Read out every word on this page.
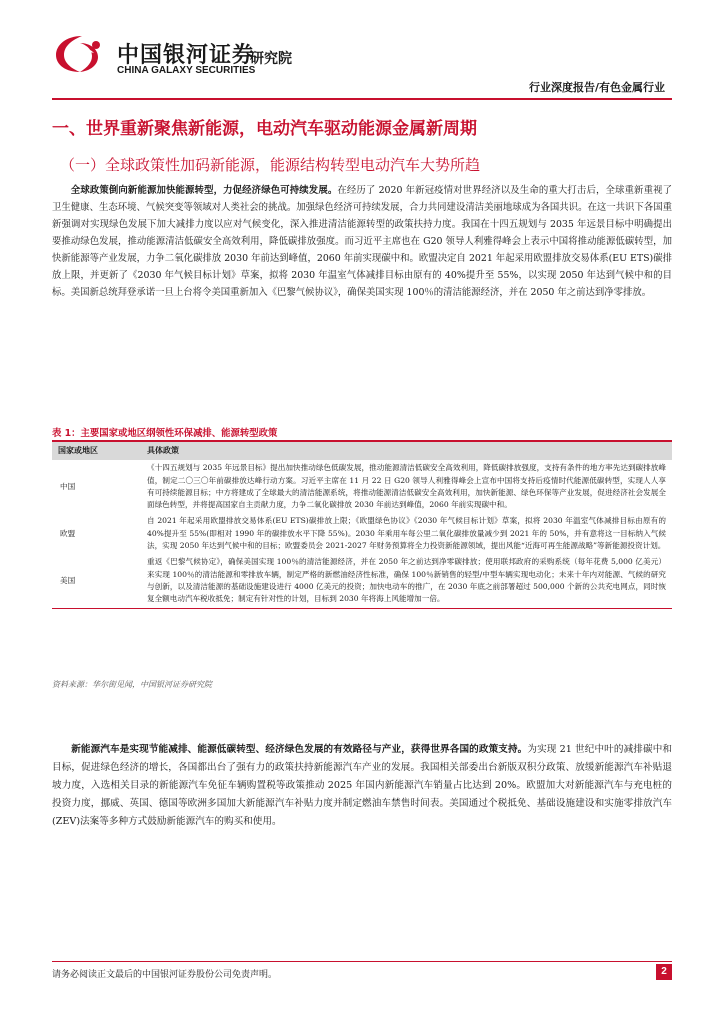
中国银河证券
CHINA GALAXY SECURITIES
研究院
行业深度报告/有色金属行业
一、世界重新聚焦新能源，电动汽车驱动能源金属新周期
（一）全球政策性加码新能源，能源结构转型电动汽车大势所趋

全球政策倒向新能源加快能源转型，力促经济绿色可持续发展。在经历了 2020 年新冠疫情对世界经济以及生命的重大打击后，全球重新重视了卫生健康、生态环境、气候突变等领域对人类社会的挑战。加强绿色经济可持续发展，合力共同建设清洁美丽地球成为各国共识。在这一共识下各国重新强调对实现绿色发展下加大减排力度以应对气候变化，深入推进清洁能源转型的政策扶持力度。我国在十四五规划与 2035 年远景目标中明确提出要推动绿色发展，推动能源清洁低碳安全高效利用，降低碳排放强度。而习近平主席也在 G20 领导人利雅得峰会上表示中国将推动能源低碳转型，加快新能源等产业发展，力争二氧化碳排放 2030 年前达到峰值，2060 年前实现碳中和。欧盟决定自 2021 年起采用欧盟排放交易体系(EU ETS)碳排放上限，并更新了《2030 年气候目标计划》草案，拟将 2030 年温室气体减排目标由原有的 40%提升至 55%，以实现 2050 年达到气候中和的目标。美国新总统拜登承诺一旦上台将令美国重新加入《巴黎气候协议》，确保美国实现 100％的清洁能源经济，并在 2050 年之前达到净零排放。

表 1：主要国家或地区纲领性环保减排、能源转型政策
国家或地区	具体政策
中国	《十四五规划与 2035 年远景目标》提出加快推动绿色低碳发展，推动能源清洁低碳安全高效利用，降低碳排放强度，支持有条件的地方率先达到碳排放峰值，制定二〇三〇年前碳排放达峰行动方案。习近平主席在 11 月 22 日 G20 领导人利雅得峰会上宣布中国将支持后疫情时代能源低碳转型，实现人人享有可持续能源目标；中方将建成了全球最大的清洁能源系统，将推动能源清洁低碳安全高效利用，加快新能源、绿色环保等产业发展，促进经济社会发展全面绿色转型，并将提高国家自主贡献力度，力争二氧化碳排放 2030 年前达到峰值，2060 年前实现碳中和。
欧盟	自 2021 年起采用欧盟排放交易体系(EU ETS)碳排放上限；《欧盟绿色协议》《2030 年气候目标计划》草案，拟将 2030 年温室气体减排目标由原有的 40%提升至 55%(即相对 1990 年的碳排放水平下降 55%)。2030 年乘用车每公里二氧化碳排放量减少到 2021 年的 50%，并有意将这一目标纳入气候法，实现 2050 年达到气候中和的目标；欧盟委员会 2021-2027 年财务预算将全力投资新能源领域，提出风能“近海可再生能源战略”等新能源投资计划。
美国	重返《巴黎气候协定》，确保美国实现 100％的清洁能源经济，并在 2050 年之前达到净零碳排放；使用联邦政府的采购系统（每年花费 5,000 亿美元）来实现 100％的清洁能源和零排放车辆，制定严格的新燃油经济性标准，确保 100％新销售的轻型/中型车辆实现电动化；未来十年内对能源、气候的研究与创新，以及清洁能源的基础设施建设进行 4000 亿美元的投资；加快电动车的推广，在 2030 年底之前部署超过 500,000 个新的公共充电网点，同时恢复全额电动汽车税收抵免；制定有针对性的计划，目标到 2030 年将海上风能增加一倍。
资料来源：华尔街见闻，中国银河证券研究院

新能源汽车是实现节能减排、能源低碳转型、经济绿色发展的有效路径与产业，获得世界各国的政策支持。为实现 21 世纪中叶的减排碳中和目标，促进绿色经济的增长，各国都出台了强有力的政策扶持新能源汽车产业的发展。我国相关部委出台新版双积分政策、放缓新能源汽车补贴退坡力度，入选相关目录的新能源汽车免征车辆购置税等政策推动 2025 年国内新能源汽车销量占比达到 20%。欧盟加大对新能源汽车与充电桩的投资力度，挪威、英国、德国等欧洲多国加大新能源汽车补贴力度并制定燃油车禁售时间表。美国通过个税抵免、基础设施建设和实施零排放汽车(ZEV)法案等多种方式鼓励新能源汽车的购买和使用。

请务必阅读正文最后的中国银河证券股份公司免责声明。	2
